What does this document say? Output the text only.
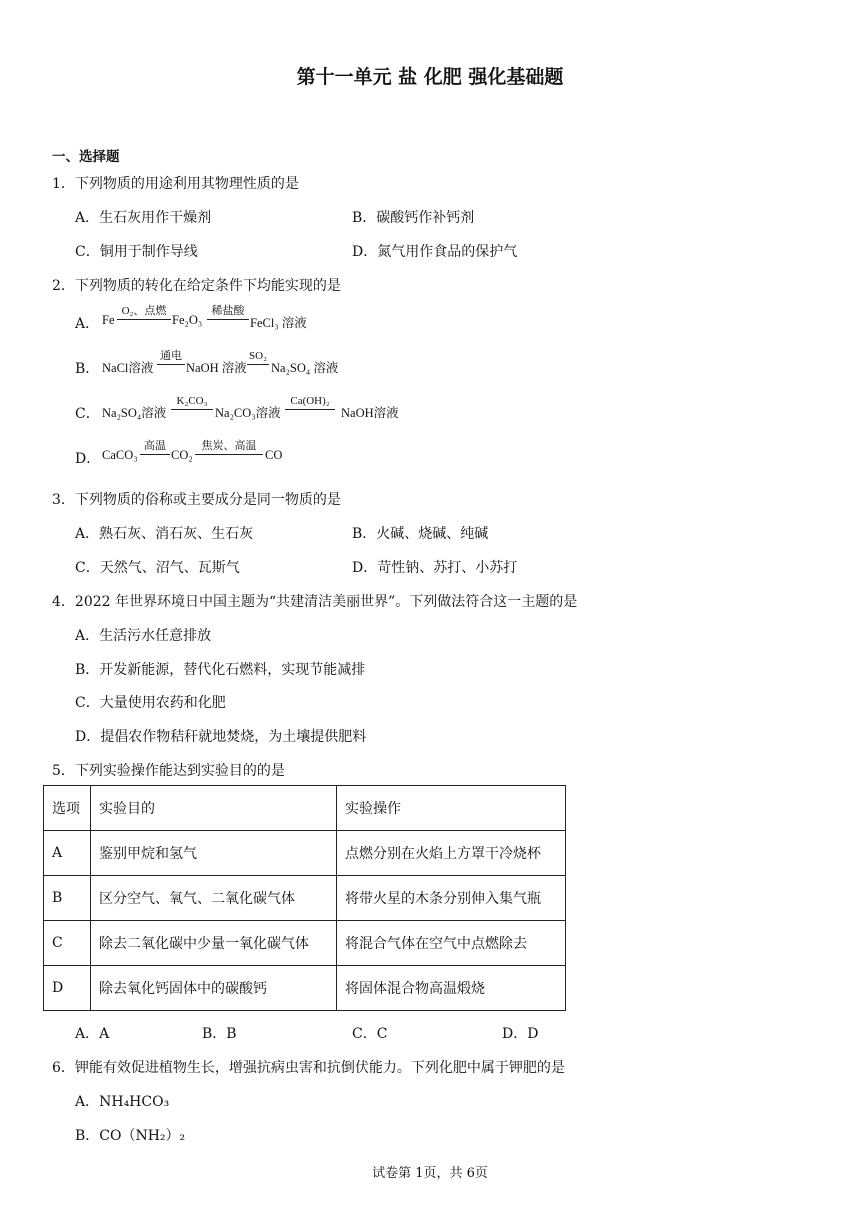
第十一单元 盐 化肥 强化基础题
一、选择题
1．下列物质的用途利用其物理性质的是
A．生石灰用作干燥剂	B．碳酸钙作补钙剂
C．铜用于制作导线	D．氮气用作食品的保护气
2．下列物质的转化在给定条件下均能实现的是
A． Fe
O₂、点燃
Fe₂O₃
稀盐酸
FeCl₃ 溶液
B． NaCl溶液
通电
NaOH 溶液
SO₂
Na₂SO₄ 溶液
C． Na₂SO₄溶液
K₂CO₃
Na₂CO₃溶液
Ca(OH)₂
NaOH溶液
D． CaCO₃
高温
CO₂
焦炭、高温
CO
3．下列物质的俗称或主要成分是同一物质的是
A．熟石灰、消石灰、生石灰	B．火碱、烧碱、纯碱
C．天然气、沼气、瓦斯气	D．苛性钠、苏打、小苏打
4．2022 年世界环境日中国主题为“共建清洁美丽世界”。下列做法符合这一主题的是
A．生活污水任意排放
B．开发新能源，替代化石燃料，实现节能减排
C．大量使用农药和化肥
D．提倡农作物秸秆就地焚烧，为土壤提供肥料
5．下列实验操作能达到实验目的的是
选项	实验目的	实验操作
A	鉴别甲烷和氢气	点燃分别在火焰上方罩干冷烧杯
B	区分空气、氧气、二氧化碳气体	将带火星的木条分别伸入集气瓶
C	除去二氧化碳中少量一氧化碳气体	将混合气体在空气中点燃除去
D	除去氧化钙固体中的碳酸钙	将固体混合物高温煅烧
A．A	B．B	C．C	D．D
6．钾能有效促进植物生长，增强抗病虫害和抗倒伏能力。下列化肥中属于钾肥的是
A．NH₄HCO₃
B．CO（NH₂）₂
试卷第 1页，共 6页
